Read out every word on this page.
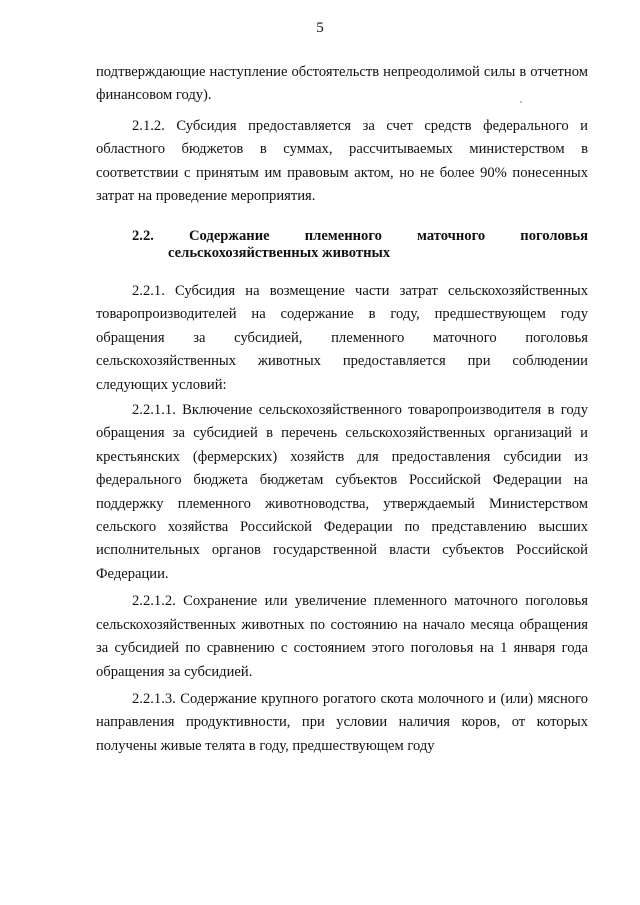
5

подтверждающие наступление обстоятельств непреодолимой силы в отчетном финансовом году).

2.1.2. Субсидия предоставляется за счет средств федерального и областного бюджетов в суммах, рассчитываемых министерством в соответствии с принятым им правовым актом, но не более 90% понесенных затрат на проведение мероприятия.

2.2. Содержание племенного маточного поголовья
сельскохозяйственных животных

2.2.1. Субсидия на возмещение части затрат сельскохозяйственных товаропроизводителей на содержание в году, предшествующем году обращения за субсидией, племенного маточного поголовья сельскохозяйственных животных предоставляется при соблюдении следующих условий:

2.2.1.1. Включение сельскохозяйственного товаропроизводителя в году обращения за субсидией в перечень сельскохозяйственных организаций и крестьянских (фермерских) хозяйств для предоставления субсидии из федерального бюджета бюджетам субъектов Российской Федерации на поддержку племенного животноводства, утверждаемый Министерством сельского хозяйства Российской Федерации по представлению высших исполнительных органов государственной власти субъектов Российской Федерации.

2.2.1.2. Сохранение или увеличение племенного маточного поголовья сельскохозяйственных животных по состоянию на начало месяца обращения за субсидией по сравнению с состоянием этого поголовья на 1 января года обращения за субсидией.

2.2.1.3. Содержание крупного рогатого скота молочного и (или) мясного направления продуктивности, при условии наличия коров, от которых получены живые телята в году, предшествующем году
